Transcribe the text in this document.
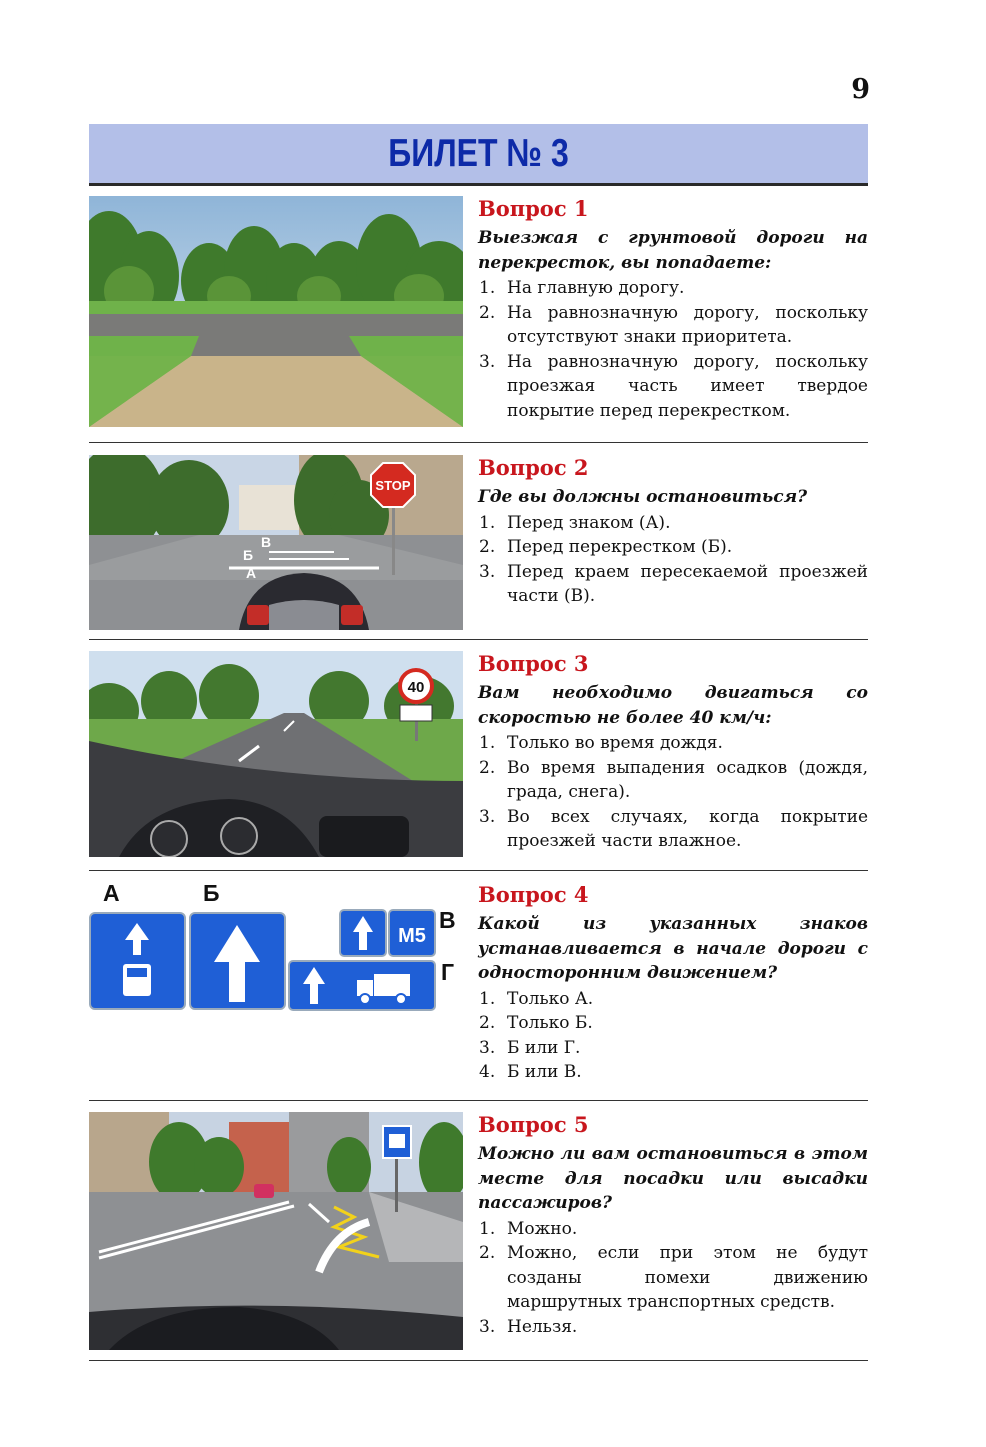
9
БИЛЕТ № 3
Вопрос 1
Выезжая с грунтовой дороги на перекресток, вы попадаете:
1. На главную дорогу.
2. На равнозначную дорогу, поскольку отсутствуют знаки приоритета.
3. На равнозначную дорогу, поскольку проезжая часть имеет твердое покрытие перед перекрестком.
STOP
В
Б
А
Вопрос 2
Где вы должны остановиться?
1. Перед знаком (А).
2. Перед перекрестком (Б).
3. Перед краем пересекаемой проезжей части (В).
40
Вопрос 3
Вам необходимо двигаться со скоростью не более 40 км/ч:
1. Только во время дождя.
2. Во время выпадения осадков (дождя, града, снега).
3. Во всех случаях, когда покрытие проезжей части влажное.
А	Б
В
Г
М5
Вопрос 4
Какой из указанных знаков устанавливается в начале дороги с односторонним движением?
1. Только А.
2. Только Б.
3. Б или Г.
4. Б или В.
Вопрос 5
Можно ли вам остановиться в этом месте для посадки или высадки пассажиров?
1. Можно.
2. Можно, если при этом не будут созданы помехи движению маршрутных транспортных средств.
3. Нельзя.
